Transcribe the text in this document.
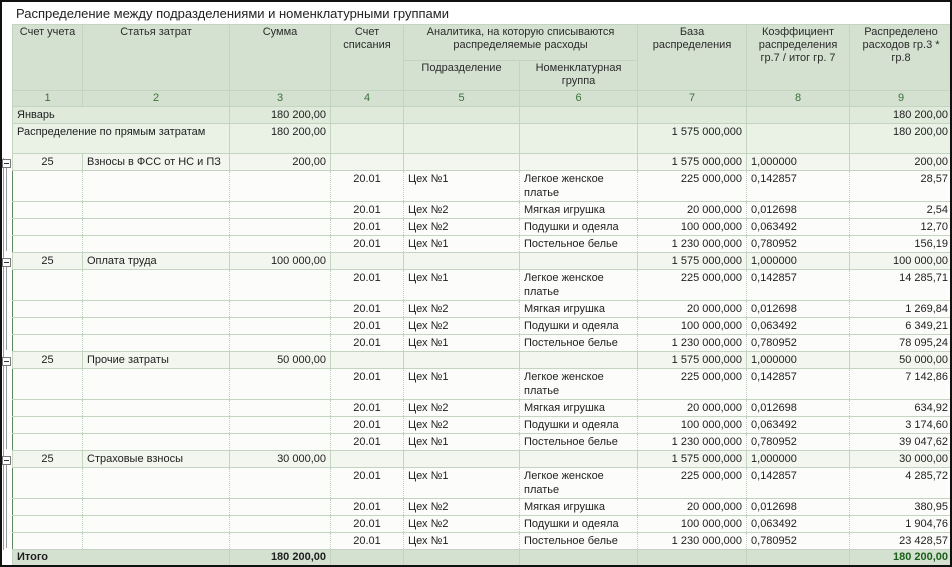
Распределение между подразделениями и номенклатурными группами
Счет учета	Статья затрат	Сумма	Счет списания	Аналитика, на которую списываются распределяемые расходы		База распределения	Коэффициент распределения гр.7 / итог гр. 7	Распределено расходов гр.3 * гр.8
				Подразделение	Номенклатурная группа			
1	2	3	4	5	6	7	8	9
Январь		180 200,00						180 200,00
Распределение по прямым затратам		180 200,00				1 575 000,000		180 200,00
25	Взносы в ФСС от НС и ПЗ	200,00				1 575 000,000	1,000000	200,00
			20.01	Цех №1	Легкое женское платье	225 000,000	0,142857	28,57
			20.01	Цех №2	Мягкая игрушка	20 000,000	0,012698	2,54
			20.01	Цех №2	Подушки и одеяла	100 000,000	0,063492	12,70
			20.01	Цех №1	Постельное белье	1 230 000,000	0,780952	156,19
25	Оплата труда	100 000,00				1 575 000,000	1,000000	100 000,00
			20.01	Цех №1	Легкое женское платье	225 000,000	0,142857	14 285,71
			20.01	Цех №2	Мягкая игрушка	20 000,000	0,012698	1 269,84
			20.01	Цех №2	Подушки и одеяла	100 000,000	0,063492	6 349,21
			20.01	Цех №1	Постельное белье	1 230 000,000	0,780952	78 095,24
25	Прочие затраты	50 000,00				1 575 000,000	1,000000	50 000,00
			20.01	Цех №1	Легкое женское платье	225 000,000	0,142857	7 142,86
			20.01	Цех №2	Мягкая игрушка	20 000,000	0,012698	634,92
			20.01	Цех №2	Подушки и одеяла	100 000,000	0,063492	3 174,60
			20.01	Цех №1	Постельное белье	1 230 000,000	0,780952	39 047,62
25	Страховые взносы	30 000,00				1 575 000,000	1,000000	30 000,00
			20.01	Цех №1	Легкое женское платье	225 000,000	0,142857	4 285,72
			20.01	Цех №2	Мягкая игрушка	20 000,000	0,012698	380,95
			20.01	Цех №2	Подушки и одеяла	100 000,000	0,063492	1 904,76
			20.01	Цех №1	Постельное белье	1 230 000,000	0,780952	23 428,57
Итого		180 200,00						180 200,00
